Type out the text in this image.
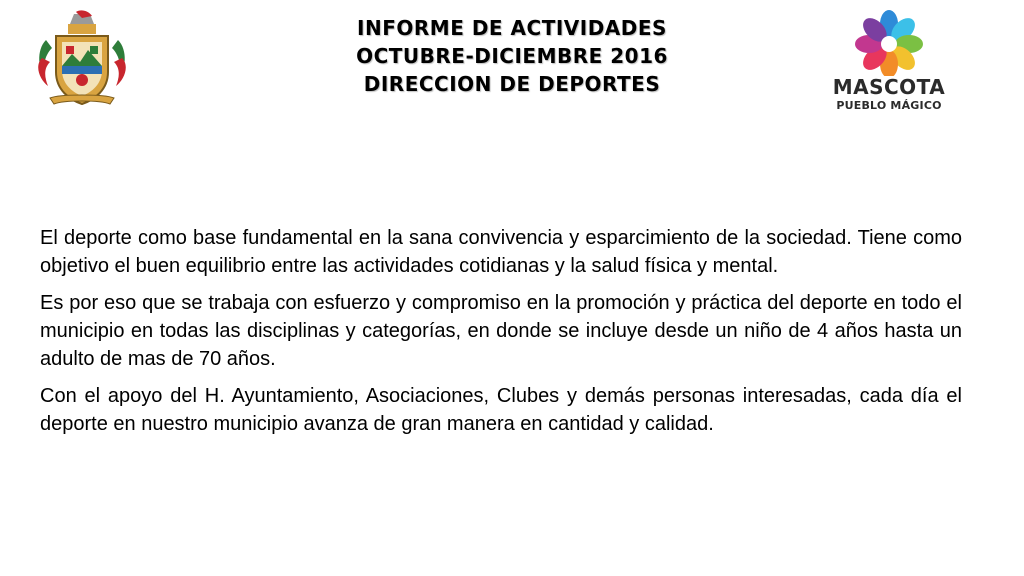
INFORME DE ACTIVIDADES
OCTUBRE-DICIEMBRE 2016
DIRECCION DE DEPORTES	MASCOTA
PUEBLO MÁGICO

El deporte como base fundamental en la sana convivencia y esparcimiento de la sociedad. Tiene como objetivo el buen equilibrio entre las actividades cotidianas y la salud física y mental.

Es por eso que se trabaja con esfuerzo y compromiso en la promoción y práctica del deporte en todo el municipio en todas las disciplinas y categorías, en donde se incluye desde un niño de 4 años hasta un adulto de mas de 70 años.

Con el apoyo del H. Ayuntamiento, Asociaciones, Clubes y demás personas interesadas, cada día el deporte en nuestro municipio avanza de gran manera en cantidad y calidad.
